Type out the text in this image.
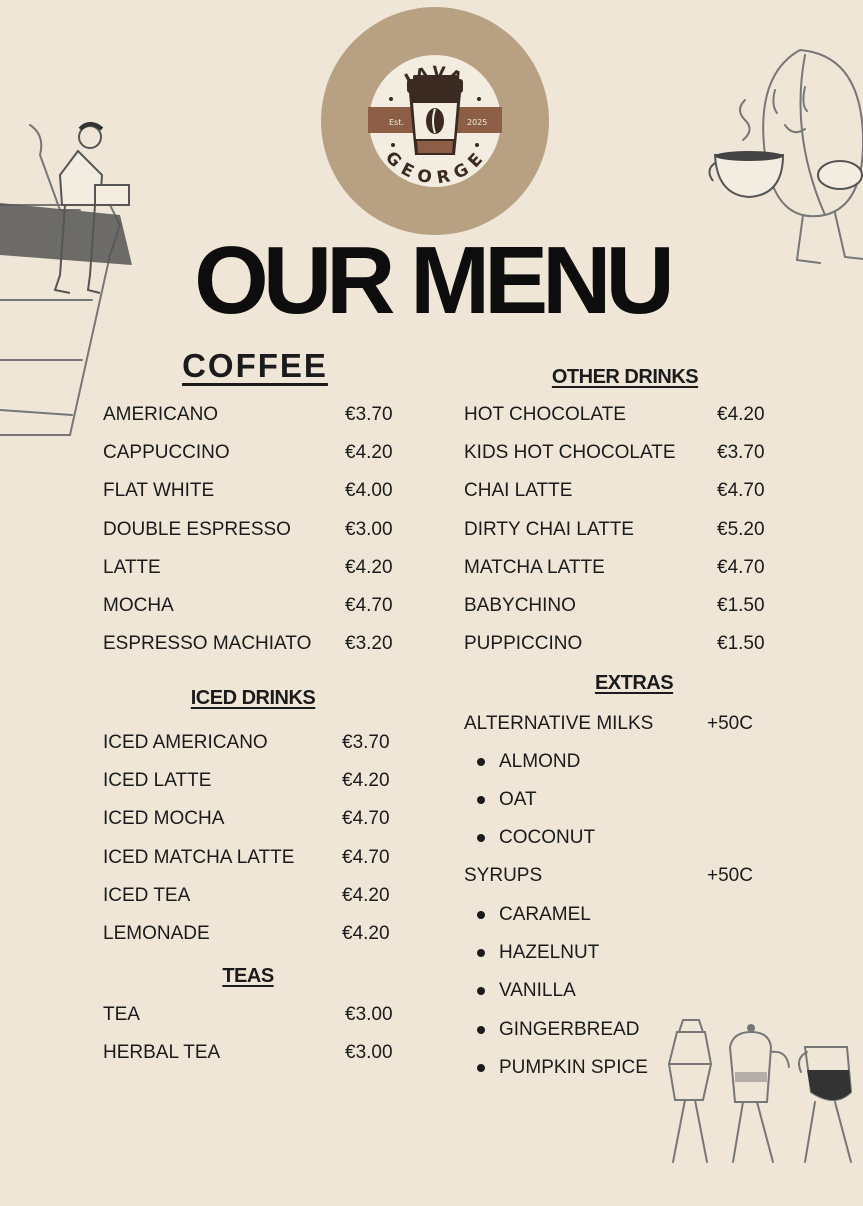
JAVA
GEORGE
Est.	2025
OUR MENU
COFFEE
AMERICANO	€3.70
CAPPUCCINO	€4.20
FLAT WHITE	€4.00
DOUBLE ESPRESSO	€3.00
LATTE	€4.20
MOCHA	€4.70
ESPRESSO MACHIATO €3.20
ICED DRINKS
ICED AMERICANO	€3.70
ICED LATTE	€4.20
ICED MOCHA	€4.70
ICED MATCHA LATTE	€4.70
ICED TEA	€4.20
LEMONADE	€4.20
TEAS
TEA	€3.00
HERBAL TEA	€3.00
OTHER DRINKS
HOT CHOCOLATE	€4.20
KIDS HOT CHOCOLATE €3.70
CHAI LATTE	€4.70
DIRTY CHAI LATTE	€5.20
MATCHA LATTE	€4.70
BABYCHINO	€1.50
PUPPICCINO	€1.50
EXTRAS
ALTERNATIVE MILKS	+50C
ALMOND
OAT
COCONUT
SYRUPS	+50C
CARAMEL
HAZELNUT
VANILLA
GINGERBREAD
PUMPKIN SPICE
